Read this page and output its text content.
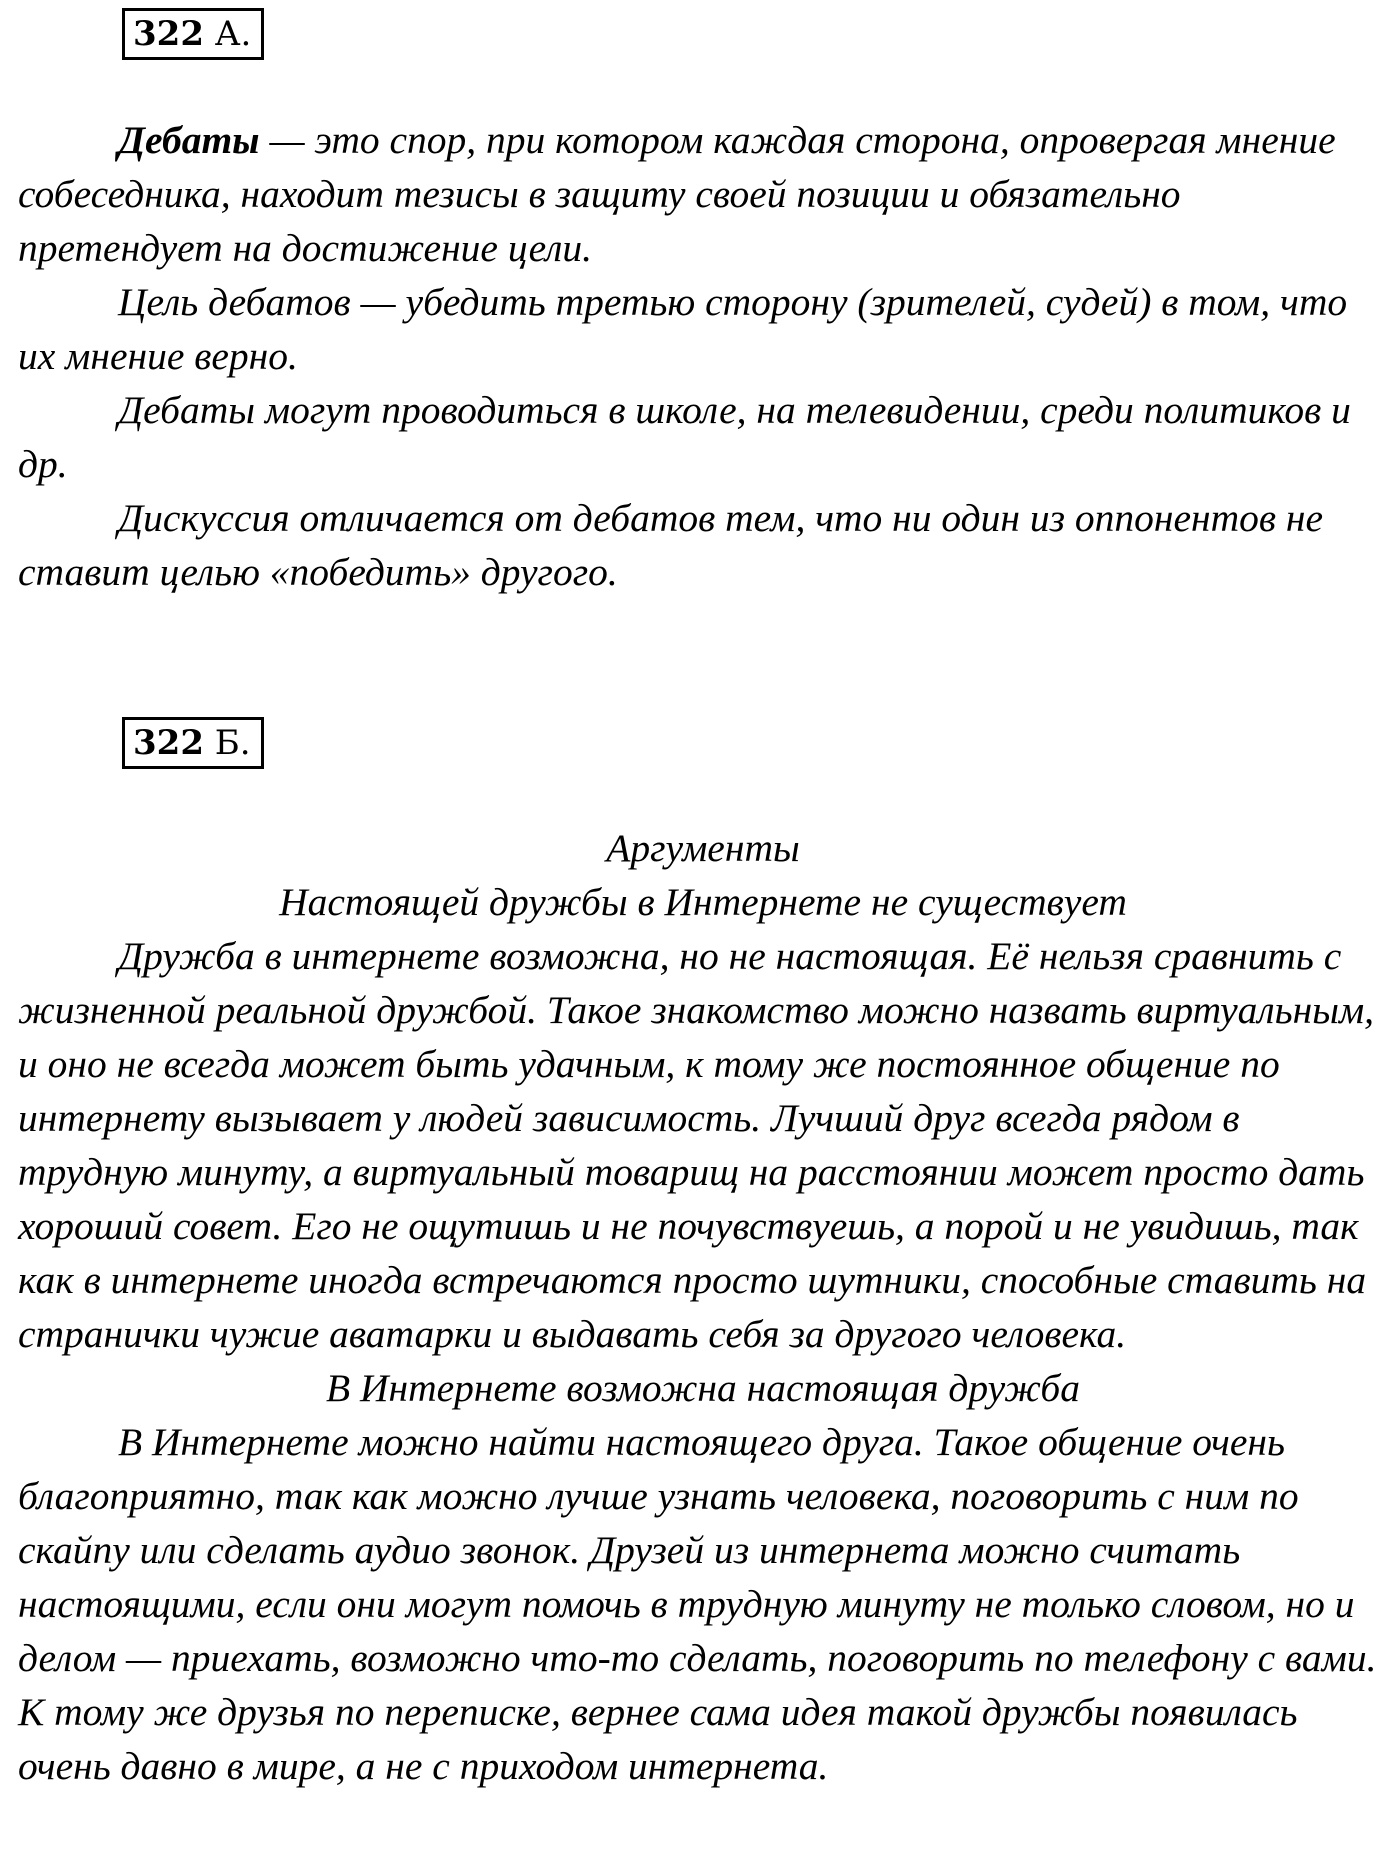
322 А.

Дебаты — это спор, при котором каждая сторона, опровергая мнение собеседника, находит тезисы в защиту своей позиции и обязательно претендует на достижение цели.

Цель дебатов — убедить третью сторону (зрителей, судей) в том, что их мнение верно.

Дебаты могут проводиться в школе, на телевидении, среди политиков и др.

Дискуссия отличается от дебатов тем, что ни один из оппонентов не ставит целью «победить» другого.

322 Б.

Аргументы

Настоящей дружбы в Интернете не существует

Дружба в интернете возможна, но не настоящая. Её нельзя сравнить с жизненной реальной дружбой. Такое знакомство можно назвать виртуальным, и оно не всегда может быть удачным, к тому же постоянное общение по интернету вызывает у людей зависимость. Лучший друг всегда рядом в трудную минуту, а виртуальный товарищ на расстоянии может просто дать хороший совет. Его не ощутишь и не почувствуешь, а порой и не увидишь, так как в интернете иногда встречаются просто шутники, способные ставить на странички чужие аватарки и выдавать себя за другого человека.

В Интернете возможна настоящая дружба

В Интернете можно найти настоящего друга. Такое общение очень благоприятно, так как можно лучше узнать человека, поговорить с ним по скайпу или сделать аудио звонок. Друзей из интернета можно считать настоящими, если они могут помочь в трудную минуту не только словом, но и делом — приехать, возможно что-то сделать, поговорить по телефону с вами. К тому же друзья по переписке, вернее сама идея такой дружбы появилась очень давно в мире, а не с приходом интернета.
